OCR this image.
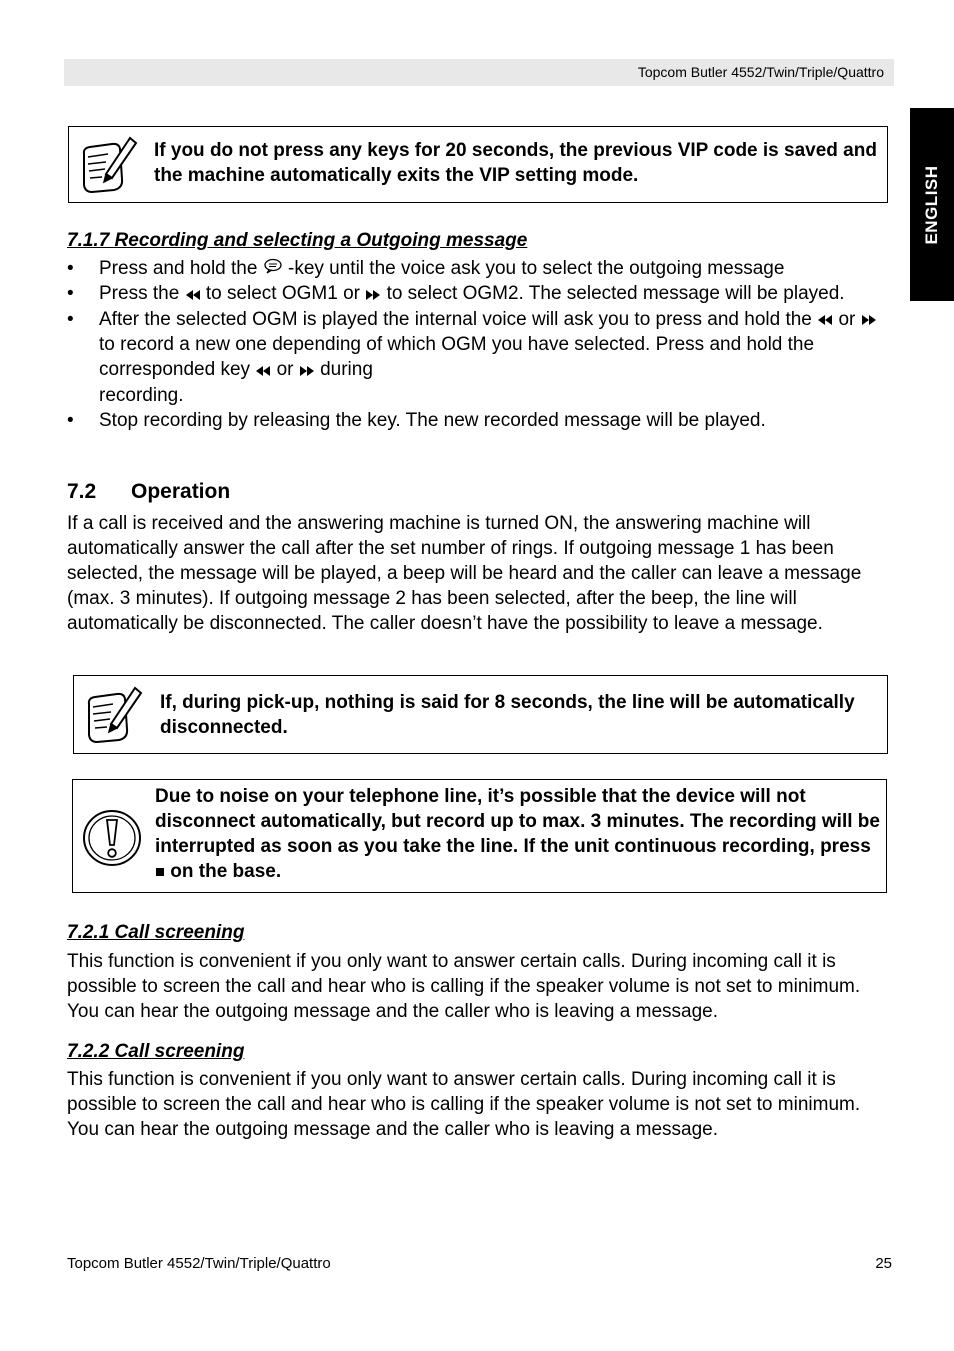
Topcom Butler 4552/Twin/Triple/Quattro
ENGLISH
If you do not press any keys for 20 seconds, the previous VIP code is saved and the machine automatically exits the VIP setting mode.
7.1.7 Recording and selecting a Outgoing message
• Press and hold the  -key until the voice ask you to select the outgoing message
• Press the  to select OGM1 or  to select OGM2. The selected message will be played.
• After the selected OGM is played the internal voice will ask you to press and hold the  or  to record a new one depending of which OGM you have selected. Press and hold the corresponded key  or  during
recording.
• Stop recording by releasing the key. The new recorded message will be played.
7.2 Operation

If a call is received and the answering machine is turned ON, the answering machine will automatically answer the call after the set number of rings. If outgoing message 1 has been selected, the message will be played, a beep will be heard and the caller can leave a message (max. 3 minutes). If outgoing message 2 has been selected, after the beep, the line will automatically be disconnected. The caller doesn’t have the possibility to leave a message.

If, during pick-up, nothing is said for 8 seconds, the line will be automatically disconnected.
Due to noise on your telephone line, it’s possible that the device will not disconnect automatically, but record up to max. 3 minutes. The recording will be interrupted as soon as you take the line. If the unit continuous recording, press  on the base.
7.2.1 Call screening

This function is convenient if you only want to answer certain calls. During incoming call it is possible to screen the call and hear who is calling if the speaker volume is not set to minimum. You can hear the outgoing message and the caller who is leaving a message.

7.2.2 Call screening

This function is convenient if you only want to answer certain calls. During incoming call it is possible to screen the call and hear who is calling if the speaker volume is not set to minimum. You can hear the outgoing message and the caller who is leaving a message.

Topcom Butler 4552/Twin/Triple/Quattro	25
